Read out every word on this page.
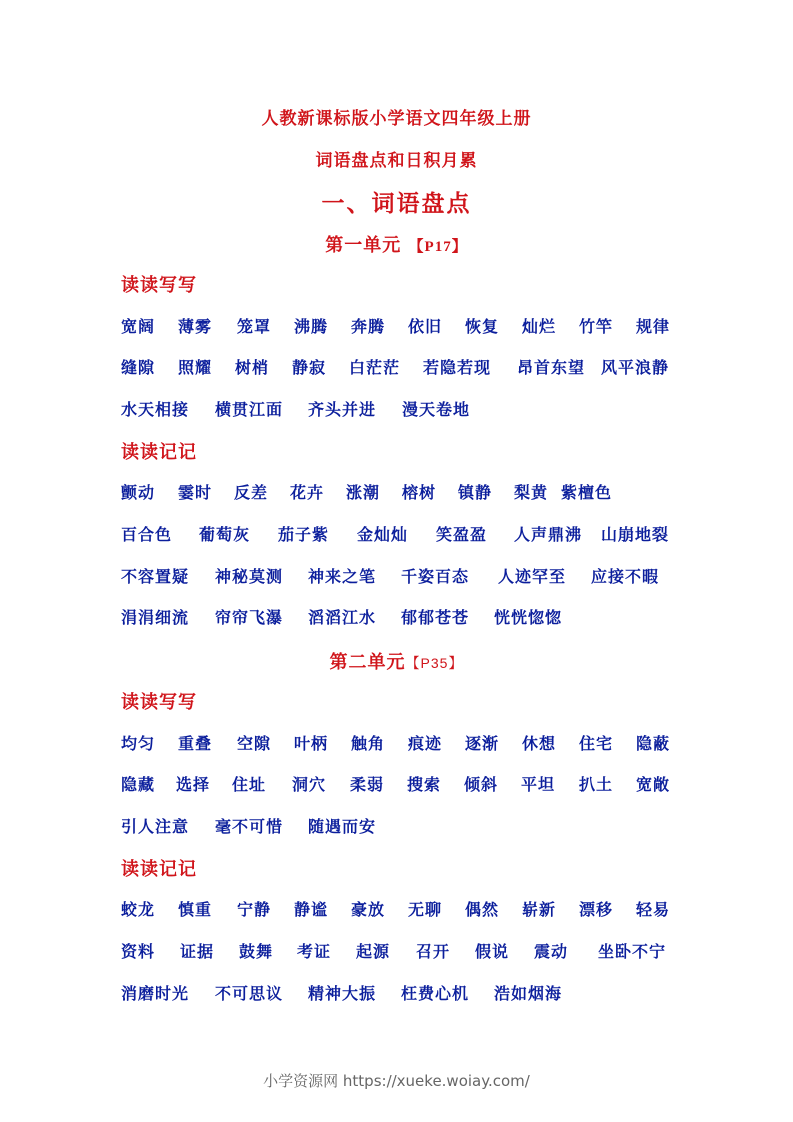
人教新课标版小学语文四年级上册
词语盘点和日积月累
一、词语盘点
第一单元 【P17】
读读写写
宽阔 薄雾 笼罩 沸腾 奔腾 依旧 恢复 灿烂 竹竿 规律
缝隙 照耀 树梢 静寂 白茫茫 若隐若现 昂首东望 风平浪静
水天相接 横贯江面 齐头并进 漫天卷地
读读记记
颤动 霎时 反差 花卉 涨潮 榕树 镇静 梨黄 紫檀色
百合色 葡萄灰 茄子紫 金灿灿 笑盈盈 人声鼎沸 山崩地裂
不容置疑 神秘莫测 神来之笔 千姿百态 人迹罕至 应接不暇
涓涓细流 帘帘飞瀑 滔滔江水 郁郁苍苍 恍恍惚惚
第二单元【P35】
读读写写
均匀 重叠 空隙 叶柄 触角 痕迹 逐渐 休想 住宅 隐蔽
隐藏 选择 住址 洞穴 柔弱 搜索 倾斜 平坦 扒土 宽敞
引人注意 毫不可惜 随遇而安
读读记记
蛟龙 慎重 宁静 静谧 豪放 无聊 偶然 崭新 漂移 轻易
资料 证据 鼓舞 考证 起源 召开 假说 震动 坐卧不宁
消磨时光 不可思议 精神大振 枉费心机 浩如烟海
小学资源网 https://xueke.woiay.com/
